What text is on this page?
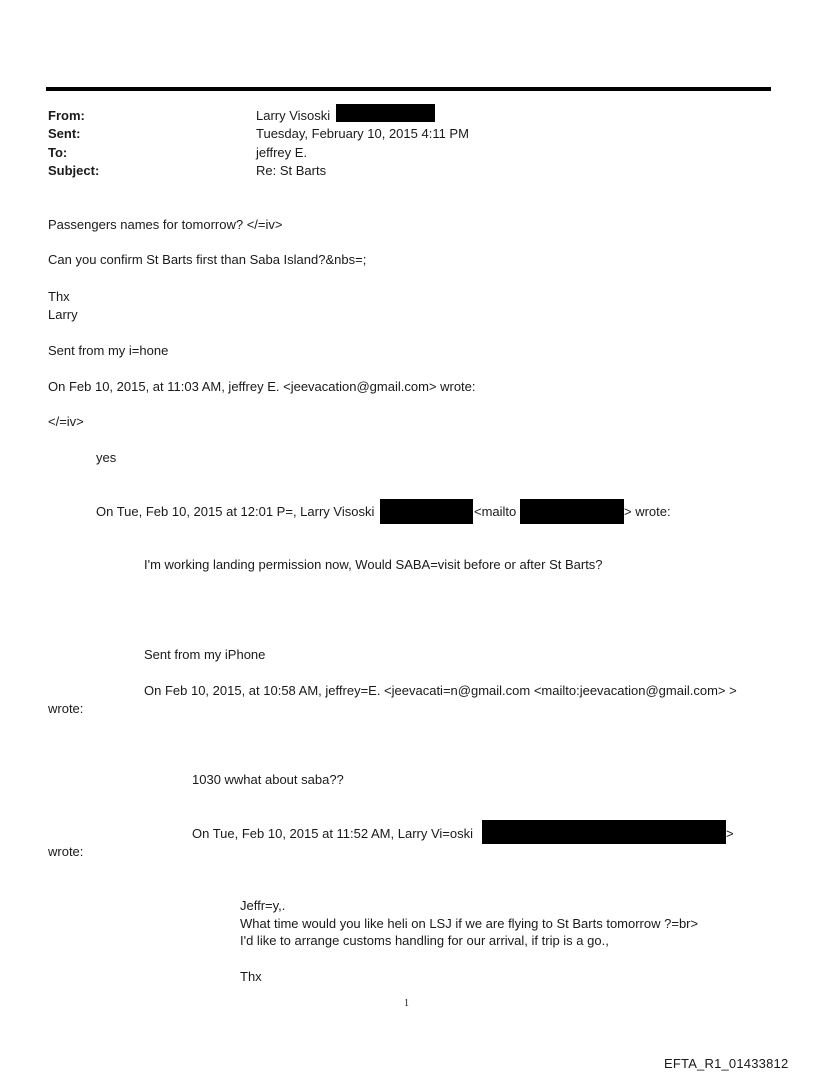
From:	Larry Visoski
Sent:	Tuesday, February 10, 2015 4:11 PM
To:	jeffrey E.
Subject:	Re: St Barts
Passengers names for tomorrow? </=iv>
Can you confirm St Barts first than Saba Island?&nbs=;
Thx
Larry
Sent from my i=hone
On Feb 10, 2015, at 11:03 AM, jeffrey E. <jeevacation@gmail.com> wrote:
</=iv>
yes
On Tue, Feb 10, 2015 at 12:01 P=, Larry Visoski	<mailto	> wrote:
I'm working landing permission now, Would SABA=visit before or after St Barts?
Sent from my iPhone
On Feb 10, 2015, at 10:58 AM, jeffrey=E. <jeevacati=n@gmail.com <mailto:jeevacation@gmail.com> >
wrote:
1030 wwhat about saba??
On Tue, Feb 10, 2015 at 11:52 AM, Larry Vi=oski	>
wrote:
Jeffr=y,.
What time would you like heli on LSJ if we are flying to St Barts tomorrow ?=br>
I'd like to arrange customs handling for our arrival, if trip is a go.,
Thx
1
EFTA_R1_01433812
